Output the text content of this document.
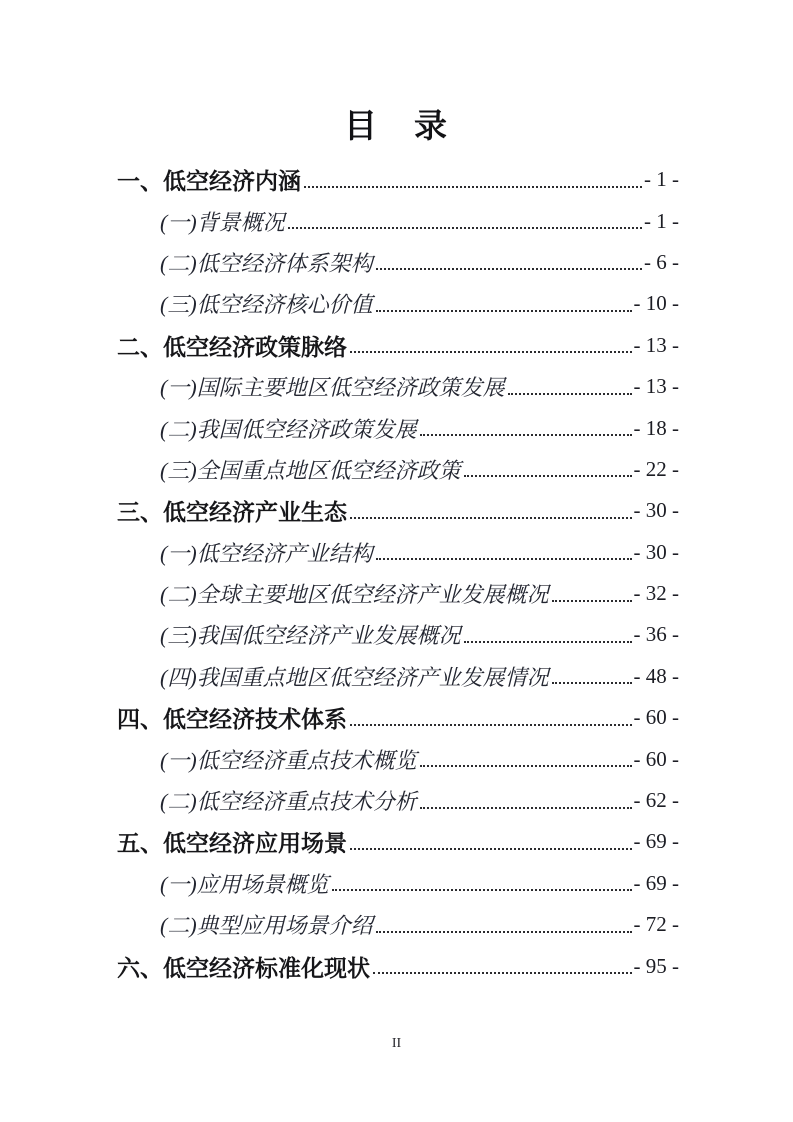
目　录
一、低空经济内涵	- 1 -
(一)背景概况	- 1 -
(二)低空经济体系架构	- 6 -
(三)低空经济核心价值	- 10 -
二、低空经济政策脉络	- 13 -
(一)国际主要地区低空经济政策发展	- 13 -
(二)我国低空经济政策发展	- 18 -
(三)全国重点地区低空经济政策	- 22 -
三、低空经济产业生态	- 30 -
(一)低空经济产业结构	- 30 -
(二)全球主要地区低空经济产业发展概况	- 32 -
(三)我国低空经济产业发展概况	- 36 -
(四)我国重点地区低空经济产业发展情况	- 48 -
四、低空经济技术体系	- 60 -
(一)低空经济重点技术概览	- 60 -
(二)低空经济重点技术分析	- 62 -
五、低空经济应用场景	- 69 -
(一)应用场景概览	- 69 -
(二)典型应用场景介绍	- 72 -
六、低空经济标准化现状	- 95 -
II
